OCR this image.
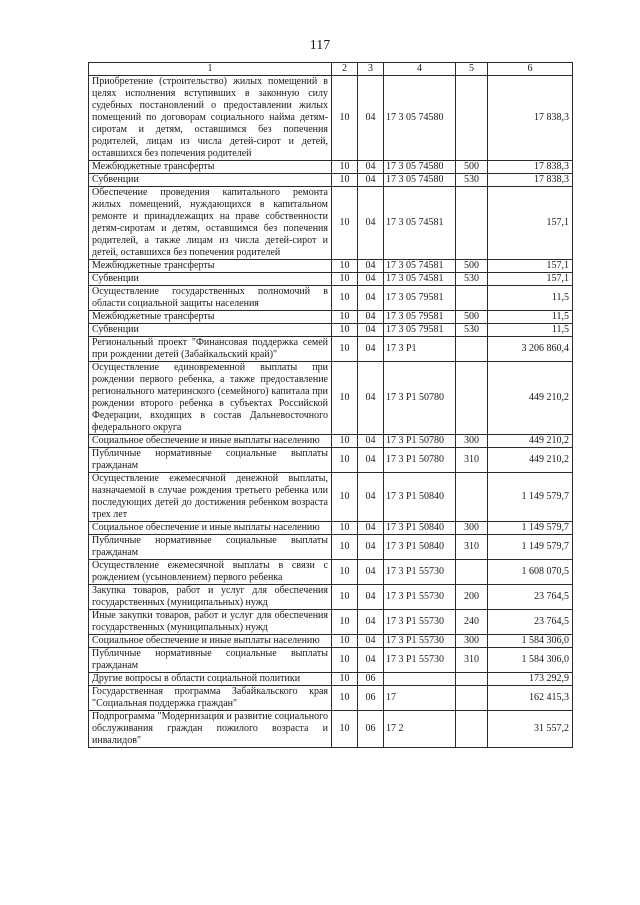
117
1	2	3	4	5	6
Приобретение (строительство) жилых помещений в целях исполнения вступивших в законную силу судебных постановлений о предоставлении жилых помещений по договорам социального найма детям-сиротам и детям, оставшимся без попечения родителей, лицам из числа детей-сирот и детей, оставшихся без попечения родителей	10	04	17 3 05 74580		17 838,3
Межбюджетные трансферты	10	04	17 3 05 74580	500	17 838,3
Субвенции	10	04	17 3 05 74580	530	17 838,3
Обеспечение проведения капитального ремонта жилых помещений, нуждающихся в капитальном ремонте и принадлежащих на праве собственности детям-сиротам и детям, оставшимся без попечения родителей, а также лицам из числа детей-сирот и детей, оставшихся без попечения родителей	10	04	17 3 05 74581		157,1
Межбюджетные трансферты	10	04	17 3 05 74581	500	157,1
Субвенции	10	04	17 3 05 74581	530	157,1
Осуществление государственных полномочий в области социальной защиты населения	10	04	17 3 05 79581		11,5
Межбюджетные трансферты	10	04	17 3 05 79581	500	11,5
Субвенции	10	04	17 3 05 79581	530	11,5
Региональный проект "Финансовая поддержка семей при рождении детей (Забайкальский край)"	10	04	17 3 P1		3 206 860,4
Осуществление единовременной выплаты при рождении первого ребенка, а также предоставление регионального материнского (семейного) капитала при рождении второго ребенка в субъектах Российской Федерации, входящих в состав Дальневосточного федерального округа	10	04	17 3 P1 50780		449 210,2
Социальное обеспечение и иные выплаты населению	10	04	17 3 P1 50780	300	449 210,2
Публичные нормативные социальные выплаты гражданам	10	04	17 3 P1 50780	310	449 210,2
Осуществление ежемесячной денежной выплаты, назначаемой в случае рождения третьего ребенка или последующих детей до достижения ребенком возраста трех лет	10	04	17 3 P1 50840		1 149 579,7
Социальное обеспечение и иные выплаты населению	10	04	17 3 P1 50840	300	1 149 579,7
Публичные нормативные социальные выплаты гражданам	10	04	17 3 P1 50840	310	1 149 579,7
Осуществление ежемесячной выплаты в связи с рождением (усыновлением) первого ребенка	10	04	17 3 P1 55730		1 608 070,5
Закупка товаров, работ и услуг для обеспечения государственных (муниципальных) нужд	10	04	17 3 P1 55730	200	23 764,5
Иные закупки товаров, работ и услуг для обеспечения государственных (муниципальных) нужд	10	04	17 3 P1 55730	240	23 764,5
Социальное обеспечение и иные выплаты населению	10	04	17 3 P1 55730	300	1 584 306,0
Публичные нормативные социальные выплаты гражданам	10	04	17 3 P1 55730	310	1 584 306,0
Другие вопросы в области социальной политики	10	06			173 292,9
Государственная программа Забайкальского края "Социальная поддержка граждан"	10	06	17		162 415,3
Подпрограмма "Модернизация и развитие социального обслуживания граждан пожилого возраста и инвалидов"	10	06	17 2		31 557,2
